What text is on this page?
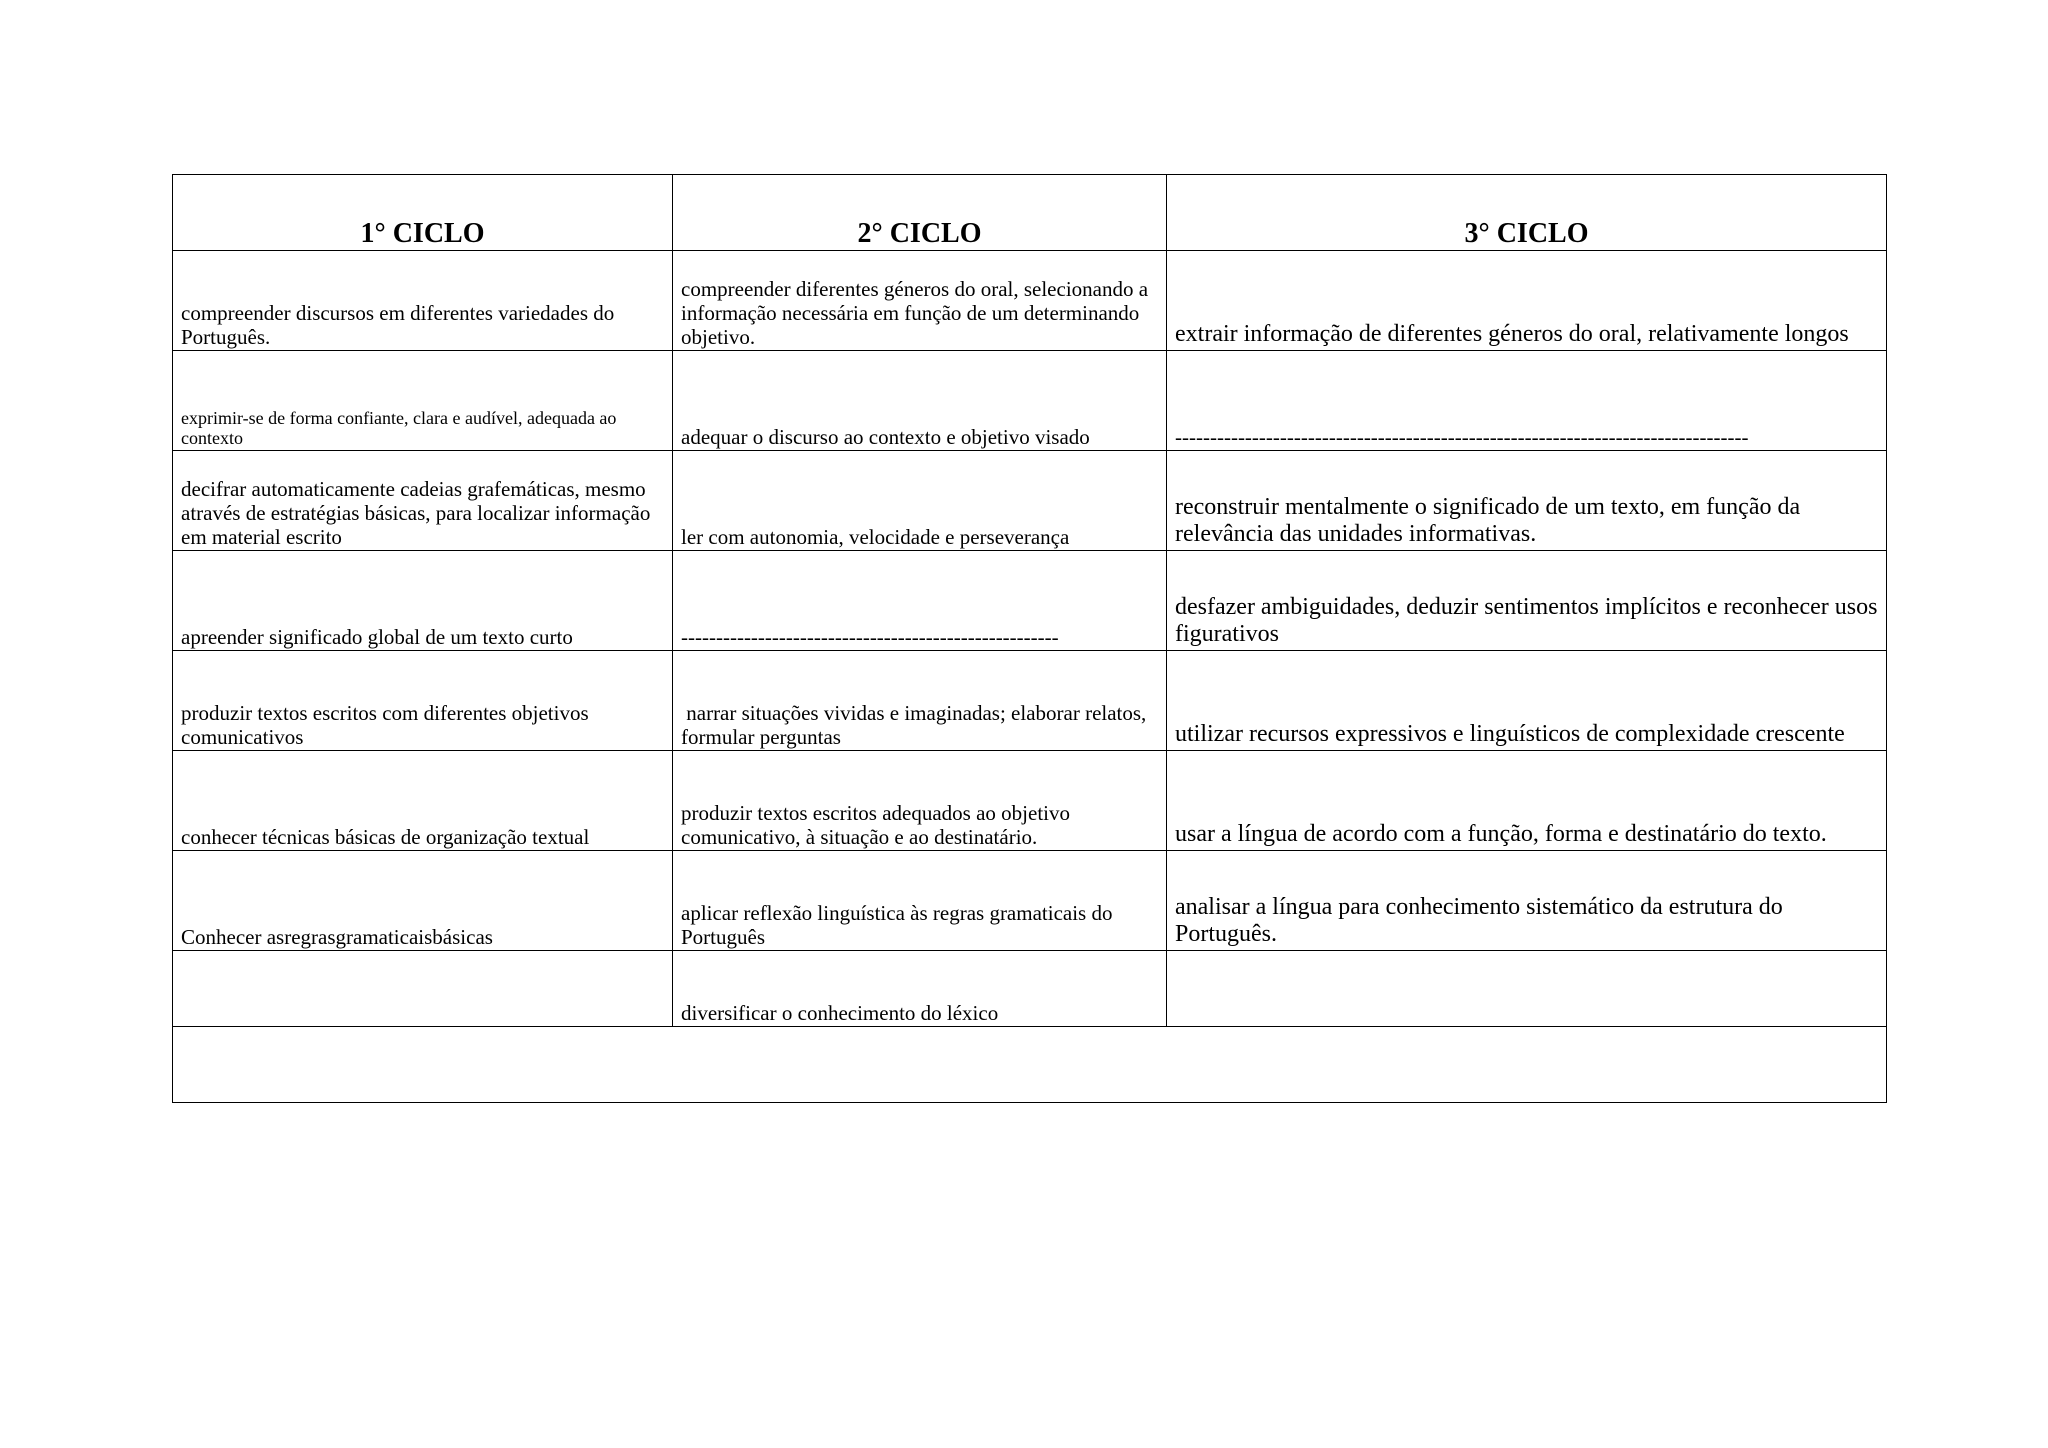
1° CICLO	2° CICLO	3° CICLO
compreender discursos em diferentes variedades do Português.	compreender diferentes géneros do oral, selecionando a informação necessária em função de um determinando objetivo.	extrair informação de diferentes géneros do oral, relativamente longos
exprimir-se de forma confiante, clara e audível, adequada ao contexto	adequar o discurso ao contexto e objetivo visado	----------------------------------------------------------------------------------
decifrar automaticamente cadeias grafemáticas, mesmo através de estratégias básicas, para localizar informação em material escrito	ler com autonomia, velocidade e perseverança	reconstruir mentalmente o significado de um texto, em função da relevância das unidades informativas.
apreender significado global de um texto curto	------------------------------------------------------	desfazer ambiguidades, deduzir sentimentos implícitos e reconhecer usos figurativos
produzir textos escritos com diferentes objetivos comunicativos	narrar situações vividas e imaginadas; elaborar relatos, formular perguntas	utilizar recursos expressivos e linguísticos de complexidade crescente
conhecer técnicas básicas de organização textual	produzir textos escritos adequados ao objetivo comunicativo, à situação e ao destinatário.	usar a língua de acordo com a função, forma e destinatário do texto.
Conhecer asregrasgramaticaisbásicas	aplicar reflexão linguística às regras gramaticais do Português	analisar a língua para conhecimento sistemático da estrutura do Português.
	diversificar o conhecimento do léxico	
